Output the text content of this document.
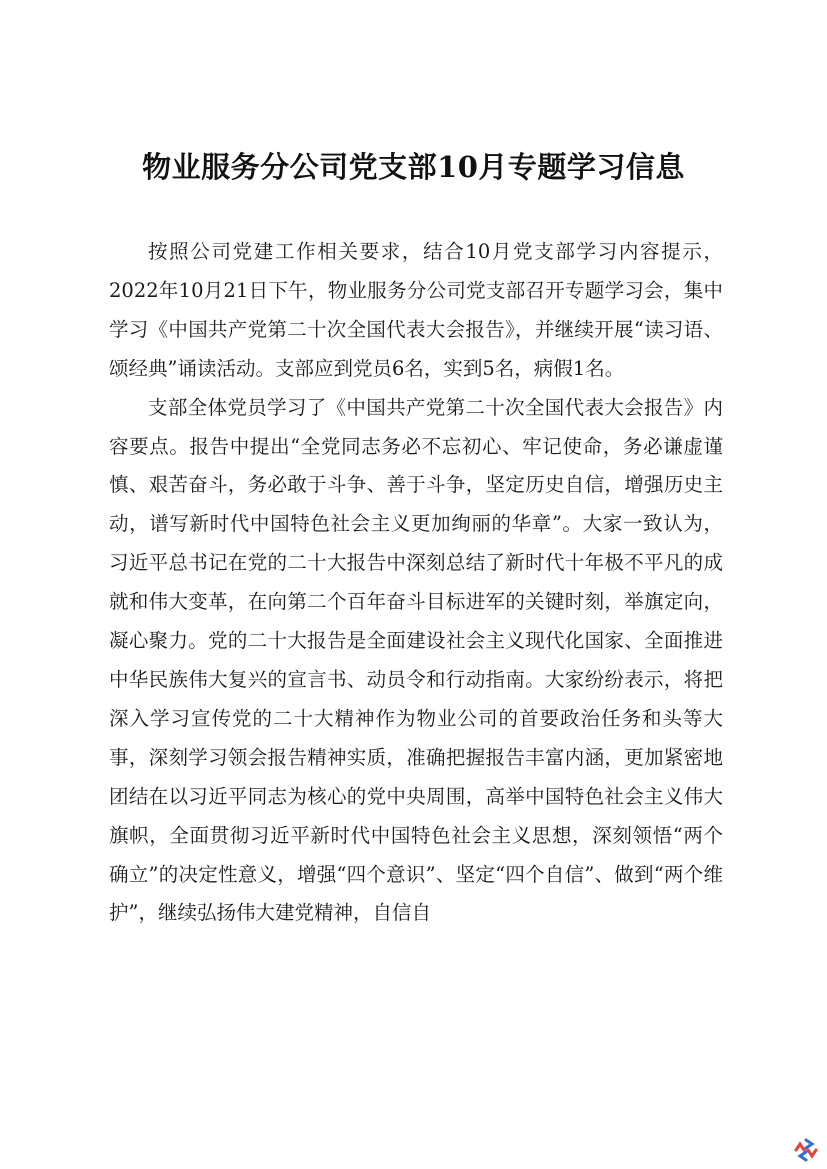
物业服务分公司党支部10月专题学习信息

按照公司党建工作相关要求，结合10月党支部学习内容提示，2022年10月21日下午，物业服务分公司党支部召开专题学习会，集中学习《中国共产党第二十次全国代表大会报告》，并继续开展“读习语、颂经典”诵读活动。支部应到党员6名，实到5名，病假1名。

支部全体党员学习了《中国共产党第二十次全国代表大会报告》内容要点。报告中提出“全党同志务必不忘初心、牢记使命，务必谦虚谨慎、艰苦奋斗，务必敢于斗争、善于斗争，坚定历史自信，增强历史主动，谱写新时代中国特色社会主义更加绚丽的华章”。大家一致认为，习近平总书记在党的二十大报告中深刻总结了新时代十年极不平凡的成就和伟大变革，在向第二个百年奋斗目标进军的关键时刻，举旗定向，凝心聚力。党的二十大报告是全面建设社会主义现代化国家、全面推进中华民族伟大复兴的宣言书、动员令和行动指南。大家纷纷表示，将把深入学习宣传党的二十大精神作为物业公司的首要政治任务和头等大事，深刻学习领会报告精神实质，准确把握报告丰富内涵，更加紧密地团结在以习近平同志为核心的党中央周围，高举中国特色社会主义伟大旗帜，全面贯彻习近平新时代中国特色社会主义思想，深刻领悟“两个确立”的决定性意义，增强“四个意识”、坚定“四个自信”、做到“两个维护”，继续弘扬伟大建党精神，自信自
